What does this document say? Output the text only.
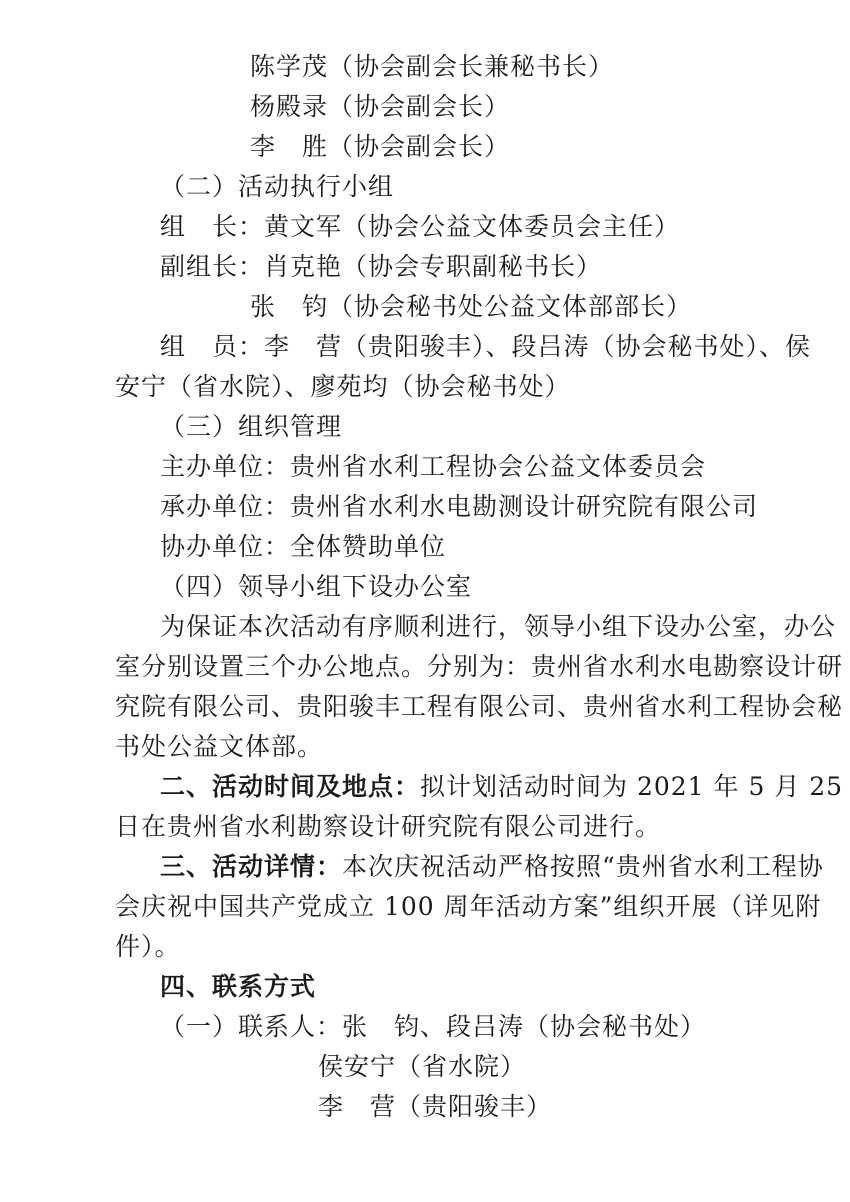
陈学茂（协会副会长兼秘书长）
杨殿录（协会副会长）
李　胜（协会副会长）
（二）活动执行小组
组　长：黄文军（协会公益文体委员会主任）
副组长：肖克艳（协会专职副秘书长）
张　钧（协会秘书处公益文体部部长）
组　员：李　营（贵阳骏丰）、段吕涛（协会秘书处）、侯
安宁（省水院）、廖苑均（协会秘书处）
（三）组织管理
主办单位：贵州省水利工程协会公益文体委员会
承办单位：贵州省水利水电勘测设计研究院有限公司
协办单位：全体赞助单位
（四）领导小组下设办公室
为保证本次活动有序顺利进行，领导小组下设办公室，办公
室分别设置三个办公地点。分别为：贵州省水利水电勘察设计研
究院有限公司、贵阳骏丰工程有限公司、贵州省水利工程协会秘
书处公益文体部。
二、活动时间及地点：拟计划活动时间为 2021 年 5 月 25
日在贵州省水利勘察设计研究院有限公司进行。
三、活动详情：本次庆祝活动严格按照“贵州省水利工程协
会庆祝中国共产党成立 100 周年活动方案”组织开展（详见附
件）。
四、联系方式
（一）联系人：张　钧、段吕涛（协会秘书处）
侯安宁（省水院）
李　营（贵阳骏丰）
